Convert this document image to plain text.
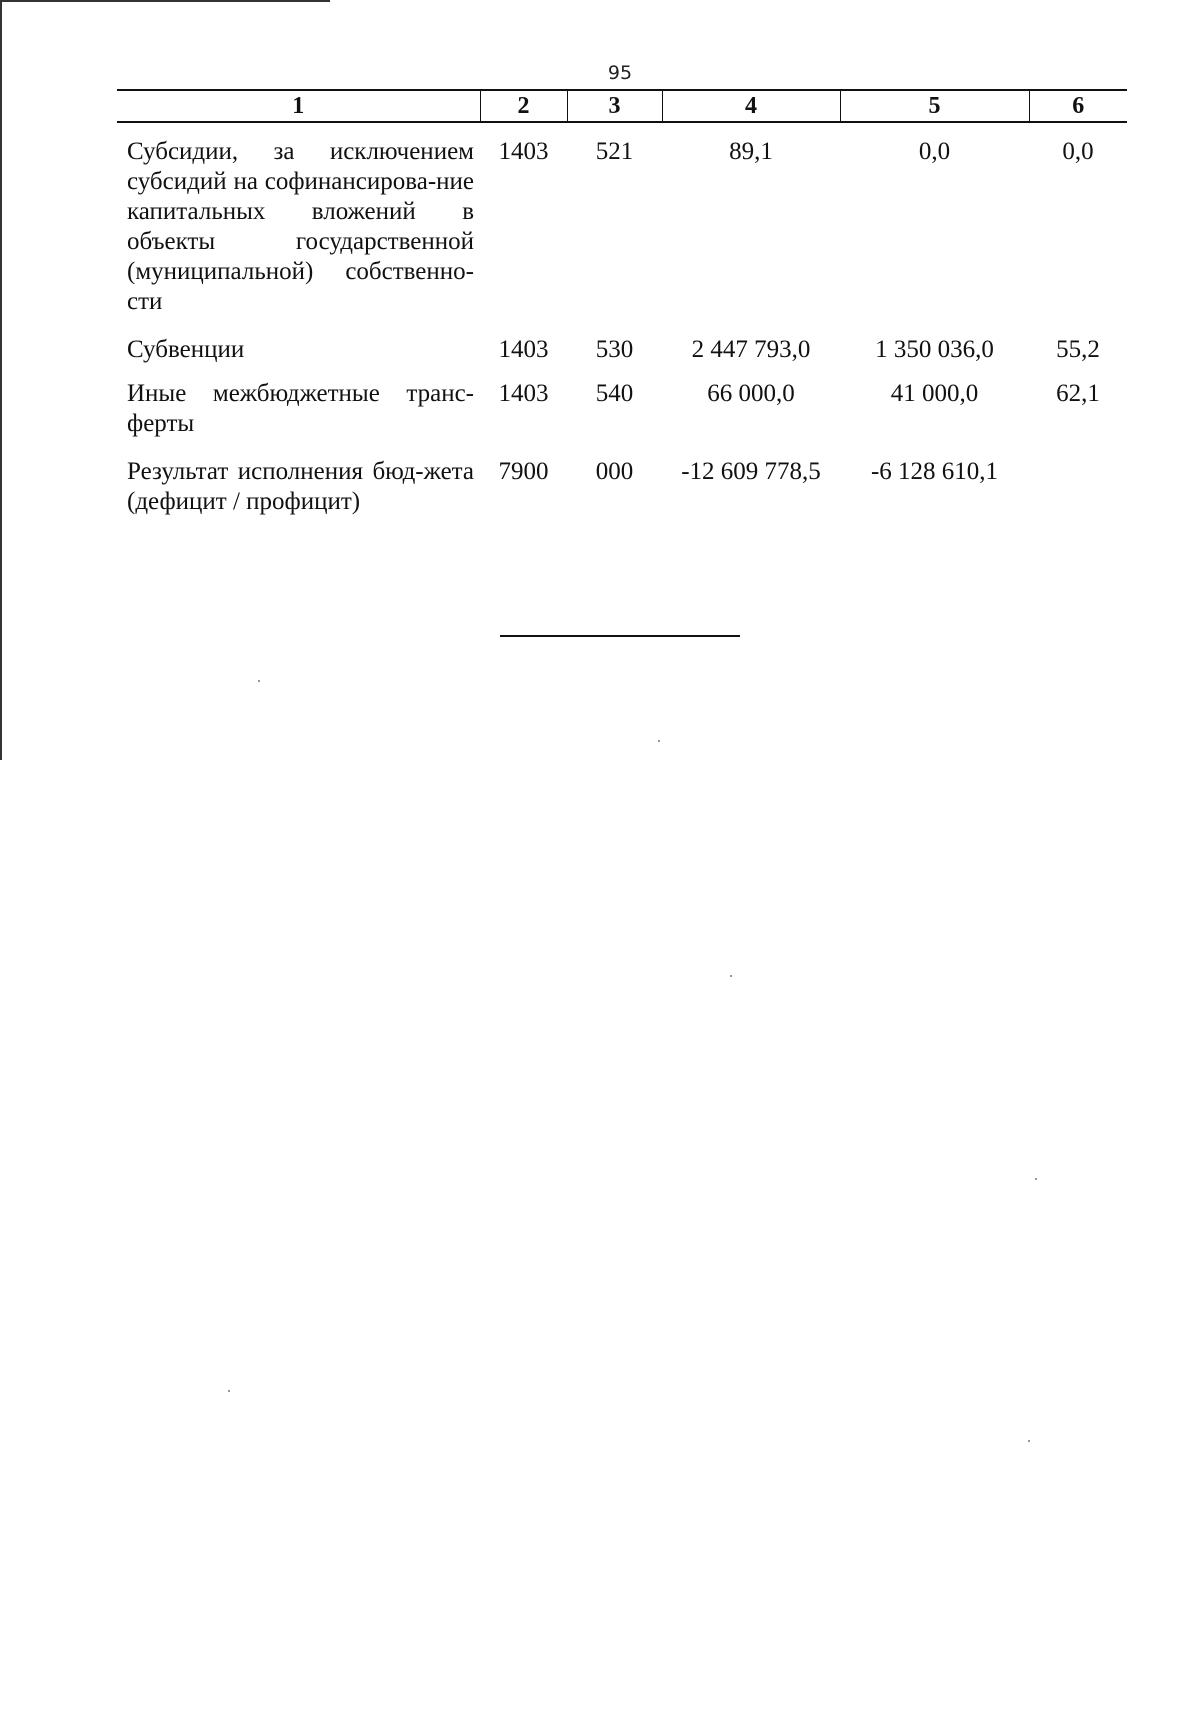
95
1	2	3	4	5	6
Субсидии, за исключением субсидий на софинансирова-ние капитальных вложений в объекты государственной (муниципальной) собственно-сти	1403	521	89,1	0,0	0,0
Субвенции	1403	530	2 447 793,0	1 350 036,0	55,2
Иные межбюджетные транс-ферты	1403	540	66 000,0	41 000,0	62,1
Результат исполнения бюд-жета (дефицит / профицит)	7900	000	-12 609 778,5	-6 128 610,1	
